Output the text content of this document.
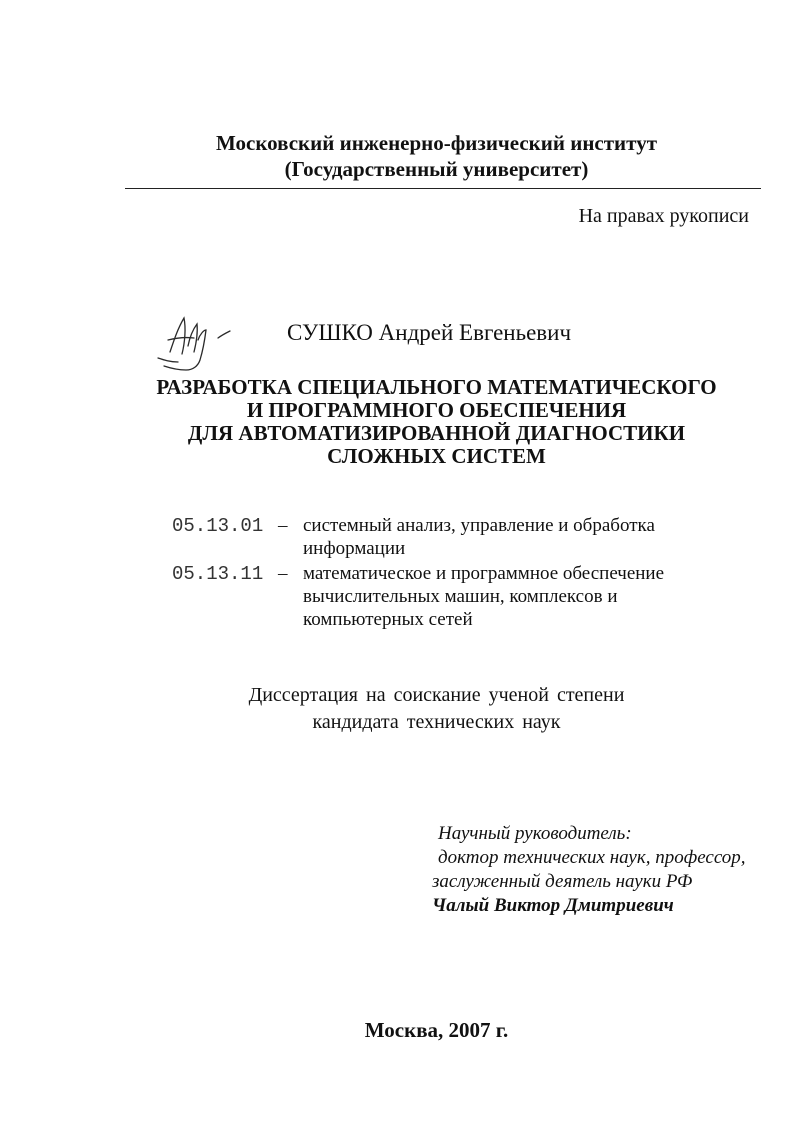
Московский инженерно-физический институт
(Государственный университет)
На правах рукописи
СУШКО Андрей Евгеньевич
РАЗРАБОТКА СПЕЦИАЛЬНОГО МАТЕМАТИЧЕСКОГО
И ПРОГРАММНОГО ОБЕСПЕЧЕНИЯ
ДЛЯ АВТОМАТИЗИРОВАННОЙ ДИАГНОСТИКИ
СЛОЖНЫХ СИСТЕМ
05.13.01 – системный анализ, управление и обработка
информации
05.13.11 – математическое и программное обеспечение
вычислительных машин, комплексов и
компьютерных сетей
Диссертация на соискание ученой степени
кандидата технических наук
Научный руководитель:
доктор технических наук, профессор,
заслуженный деятель науки РФ
Чалый Виктор Дмитриевич
Москва, 2007 г.
